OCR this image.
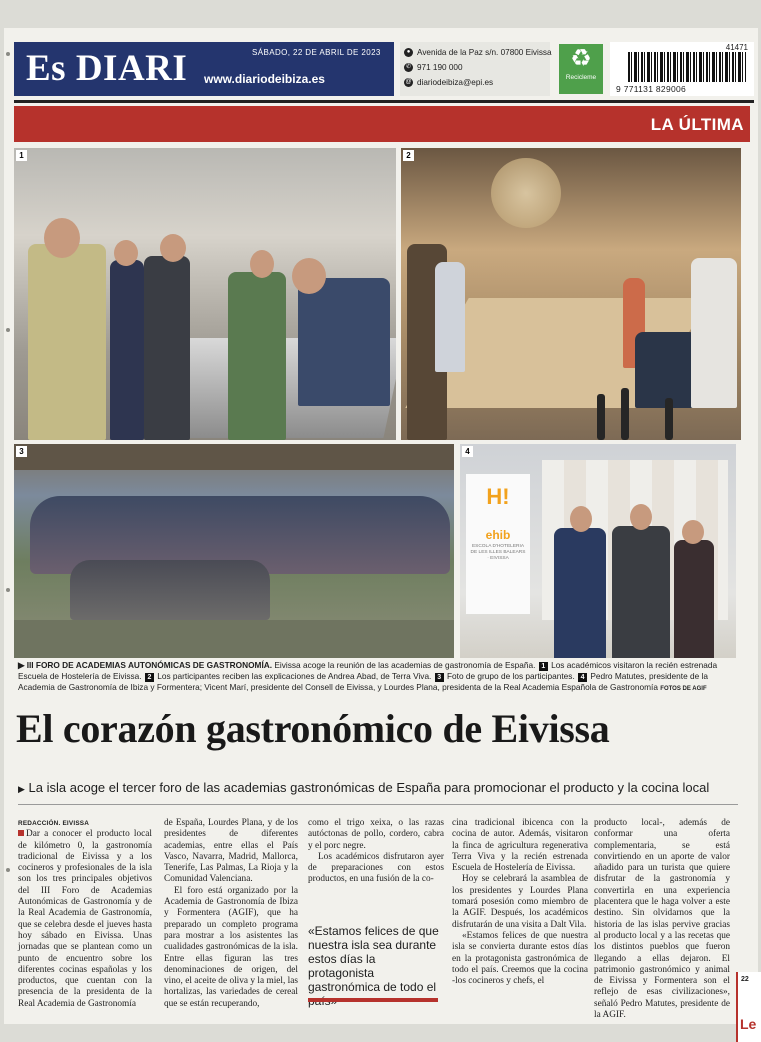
Es DIARI	SÁBADO, 22 DE ABRIL DE 2023
www.diariodeibiza.es
● Avenida de la Paz s/n. 07800 Eivissa
✆ 971 190 000
@ diariodeibiza@epi.es
♻
Recicleme
41471
9 771131 829006
LA ÚLTIMA
1	2
3
H!
ehib
ESCOLA D'HOTELERIA DE LES ILLES BALEARS · EIVISSA
4
▶ III FORO DE ACADEMIAS AUTONÓMICAS DE GASTRONOMÍA. Eivissa acoge la reunión de las academias de gastronomía de España. 1 Los académicos visitaron la recién estrenada Escuela de Hostelería de Eivissa. 2 Los participantes reciben las explicaciones de Andrea Abad, de Terra Viva. 3 Foto de grupo de los participantes. 4 Pedro Matutes, presidente de la Academia de Gastronomía de Ibiza y Formentera; Vicent Marí, presidente del Consell de Eivissa, y Lourdes Plana, presidenta de la Real Academia Española de Gastronomía FOTOS DE AGIF
El corazón gastronómico de Eivissa
▶ La isla acoge el tercer foro de las academias gastronómicas de España para promocionar el producto y la cocina local
REDACCIÓN. EIVISSA

Dar a conocer el producto local de kilómetro 0, la gastronomía tradicional de Eivissa y a los cocineros y profesionales de la isla son los tres principales objetivos del III Foro de Academias Autonómicas de Gastronomía y de la Real Academia de Gastronomía, que se celebra desde el jueves hasta hoy sábado en Eivissa. Unas jornadas que se plantean como un punto de encuentro sobre los diferentes cocinas españolas y los productos, que cuentan con la presencia de la presidenta de la Real Academia de Gastronomía

de España, Lourdes Plana, y de los presidentes de diferentes academias, entre ellas el País Vasco, Navarra, Madrid, Mallorca, Tenerife, Las Palmas, La Rioja y la Comunidad Valenciana.

El foro está organizado por la Academia de Gastronomía de Ibiza y Formentera (AGIF), que ha preparado un completo programa para mostrar a los asistentes las cualidades gastronómicas de la isla. Entre ellas figuran las tres denominaciones de origen, del vino, el aceite de oliva y la miel, las hortalizas, las variedades de cereal que se están recuperando,

como el trigo xeixa, o las razas autóctonas de pollo, cordero, cabra y el porc negre.

Los académicos disfrutaron ayer de preparaciones con estos productos, en una fusión de la co-

«Estamos felices de que nuestra isla sea durante estos días la protagonista gastronómica de todo el

cina tradicional ibicenca con la cocina de autor. Además, visitaron la finca de agricultura regenerativa Terra Viva y la recién estrenada Escuela de Hostelería de Eivissa.

Hoy se celebrará la asamblea de los presidentes y Lourdes Plana tomará posesión como miembro de la AGIF. Después, los académicos disfrutarán de una visita a Dalt Vila.

«Estamos felices de que nuestra isla se convierta durante estos días en la protagonista gastronómica de todo el país. Creemos que la cocina -los cocineros y chefs, el

producto local-, además de conformar una oferta complementaria, se está convirtiendo en un aporte de valor añadido para un turista que quiere disfrutar de la gastronomía y convertirla en una experiencia placentera que le haga volver a este destino. Sin olvidarnos que la historia de las islas pervive gracias al producto local y a las recetas que los distintos pueblos que fueron llegando a ellas dejaron. El patrimonio gastronómico y animal de Eivissa y Formentera son el reflejo de esas civilizaciones», señaló Pedro Matutes, presidente de la AGIF.

22
Le
